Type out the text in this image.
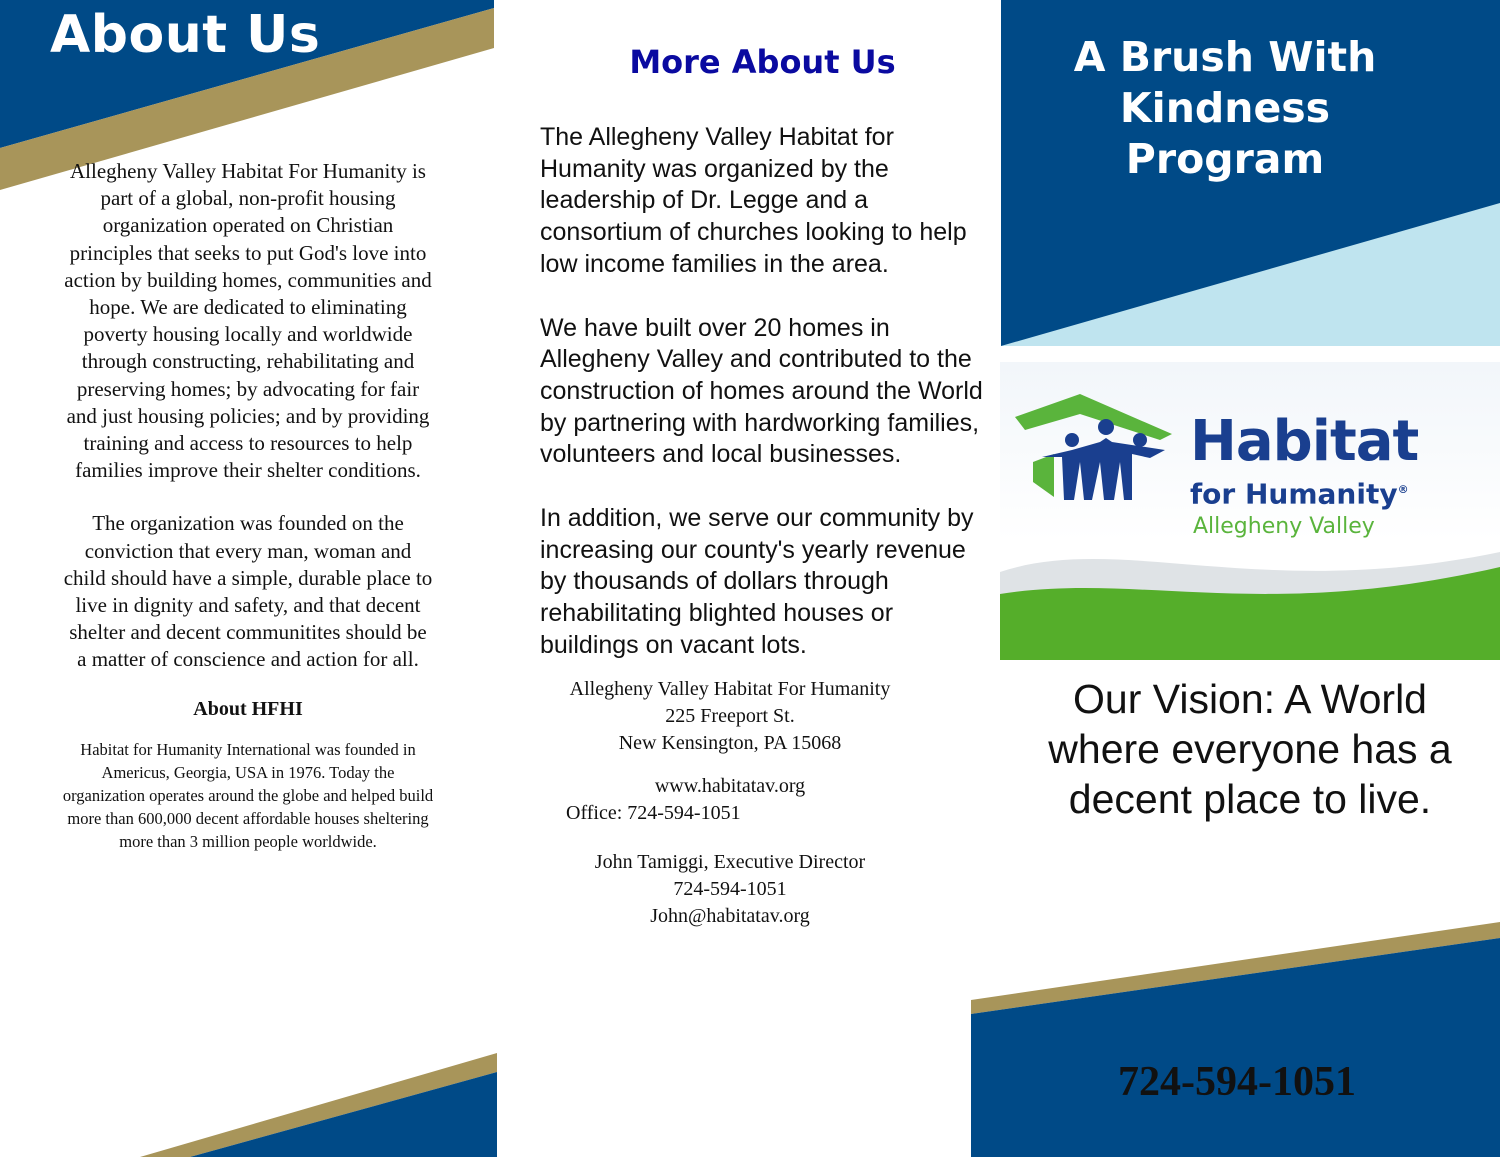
About Us
Allegheny Valley Habitat For Humanity is part of a global, non-profit housing organization operated on Christian principles that seeks to put God's love into action by building homes, communities and hope. We are dedicated to eliminating poverty housing locally and worldwide through constructing, rehabilitating and preserving homes; by advocating for fair and just housing policies; and by providing training and access to resources to help families improve their shelter conditions.
The organization was founded on the conviction that every man, woman and child should have a simple, durable place to live in dignity and safety, and that decent shelter and decent communitites should be a matter of conscience and action for all.
About HFHI
Habitat for Humanity International was founded in Americus, Georgia, USA in 1976. Today the organization operates around the globe and helped build more than 600,000 decent affordable houses sheltering more than 3 million people worldwide.
More About Us
The Allegheny Valley Habitat for Humanity was organized by the leadership of Dr. Legge and a consortium of churches looking to help low income families in the area.
We have built over 20 homes in Allegheny Valley and contributed to the construction of homes around the World by partnering with hardworking families, volunteers and local businesses.
In addition, we serve our community by increasing our county's yearly revenue by thousands of dollars through rehabilitating blighted houses or buildings on vacant lots.
Allegheny Valley Habitat For Humanity
225 Freeport St.
New Kensington, PA 15068
www.habitatav.org
Office: 724-594-1051
John Tamiggi, Executive Director
724-594-1051
John@habitatav.org
A Brush With Kindness Program
Habitat
for Humanity®
Allegheny Valley
Our Vision: A World where everyone has a decent place to live.
724-594-1051
